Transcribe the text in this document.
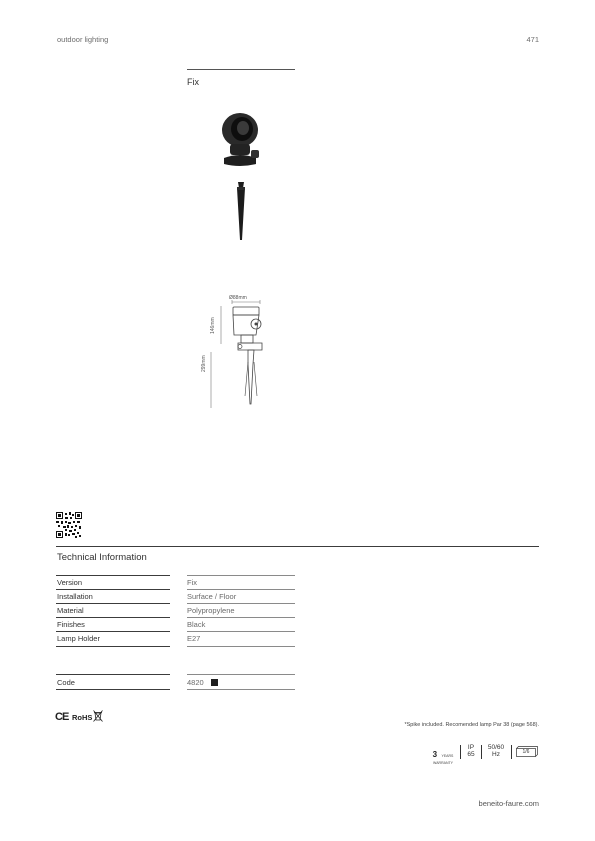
outdoor lighting	471
Fix
Ø88mm
146mm
299mm
Technical Information
Version	Fix
Installation	Surface / Floor
Material	Polypropylene
Finishes	Black
Lamp Holder	E27
Code	4820
CE RoHS
*Spike included. Recomended lamp Par 38 (page 568).
3 YEARS
WARRANTY
IP
65
50/60
Hz	1/6
beneito-faure.com
